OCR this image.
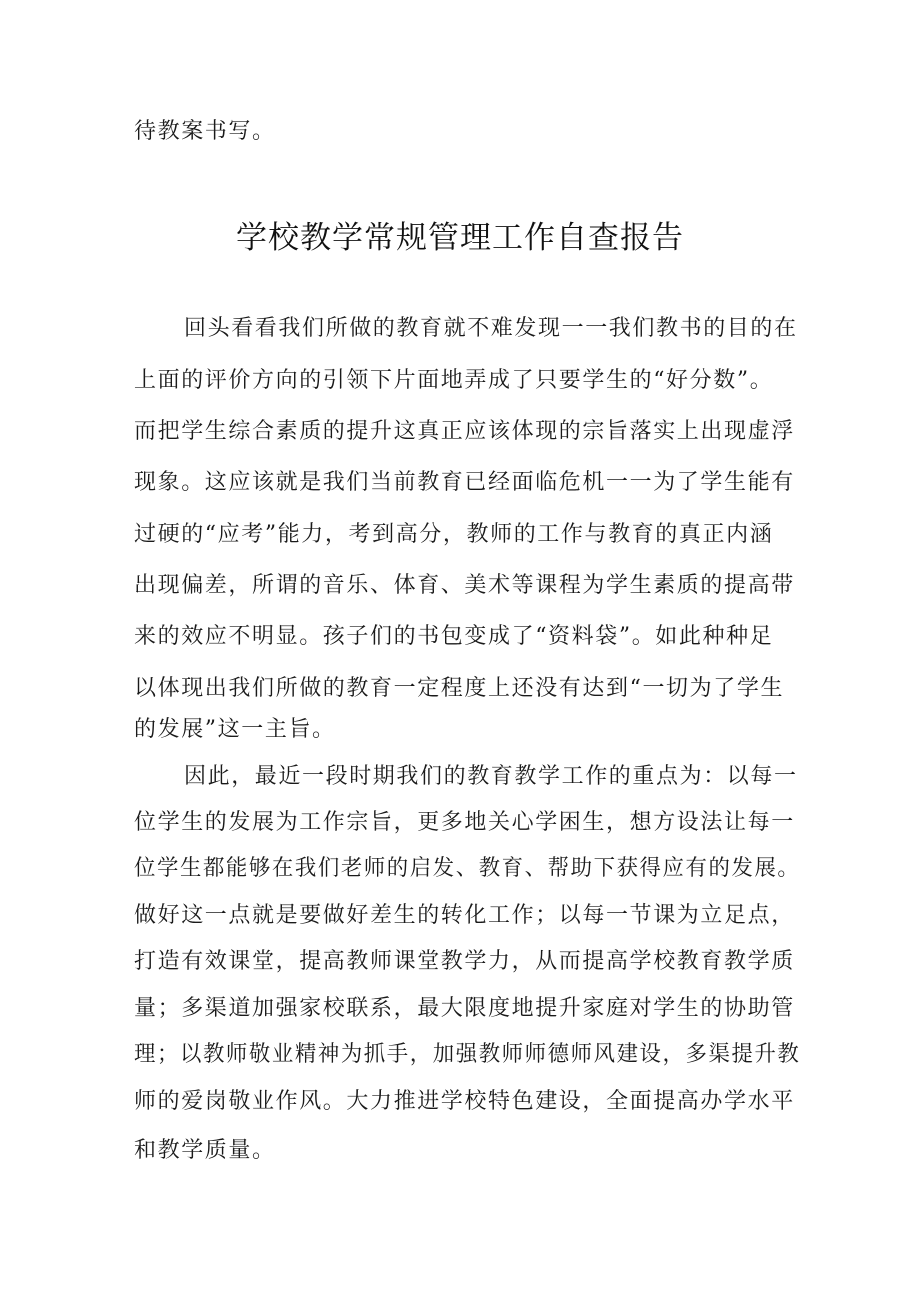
待教案书写。
学校教学常规管理工作自查报告
回头看看我们所做的教育就不难发现一一我们教书的目的在
上面的评价方向的引领下片面地弄成了只要学生的“好分数”。
而把学生综合素质的提升这真正应该体现的宗旨落实上出现虚浮
现象。这应该就是我们当前教育已经面临危机一一为了学生能有
过硬的“应考”能力，考到高分，教师的工作与教育的真正内涵
出现偏差，所谓的音乐、体育、美术等课程为学生素质的提高带
来的效应不明显。孩子们的书包变成了“资料袋”。如此种种足
以体现出我们所做的教育一定程度上还没有达到“一切为了学生
的发展”这一主旨。
因此，最近一段时期我们的教育教学工作的重点为：以每一
位学生的发展为工作宗旨，更多地关心学困生，想方设法让每一
位学生都能够在我们老师的启发、教育、帮助下获得应有的发展。
做好这一点就是要做好差生的转化工作；以每一节课为立足点，
打造有效课堂，提高教师课堂教学力，从而提高学校教育教学质
量；多渠道加强家校联系，最大限度地提升家庭对学生的协助管
理；以教师敬业精神为抓手，加强教师师德师风建设，多渠提升教
师的爱岗敬业作风。大力推进学校特色建设，全面提高办学水平
和教学质量。
